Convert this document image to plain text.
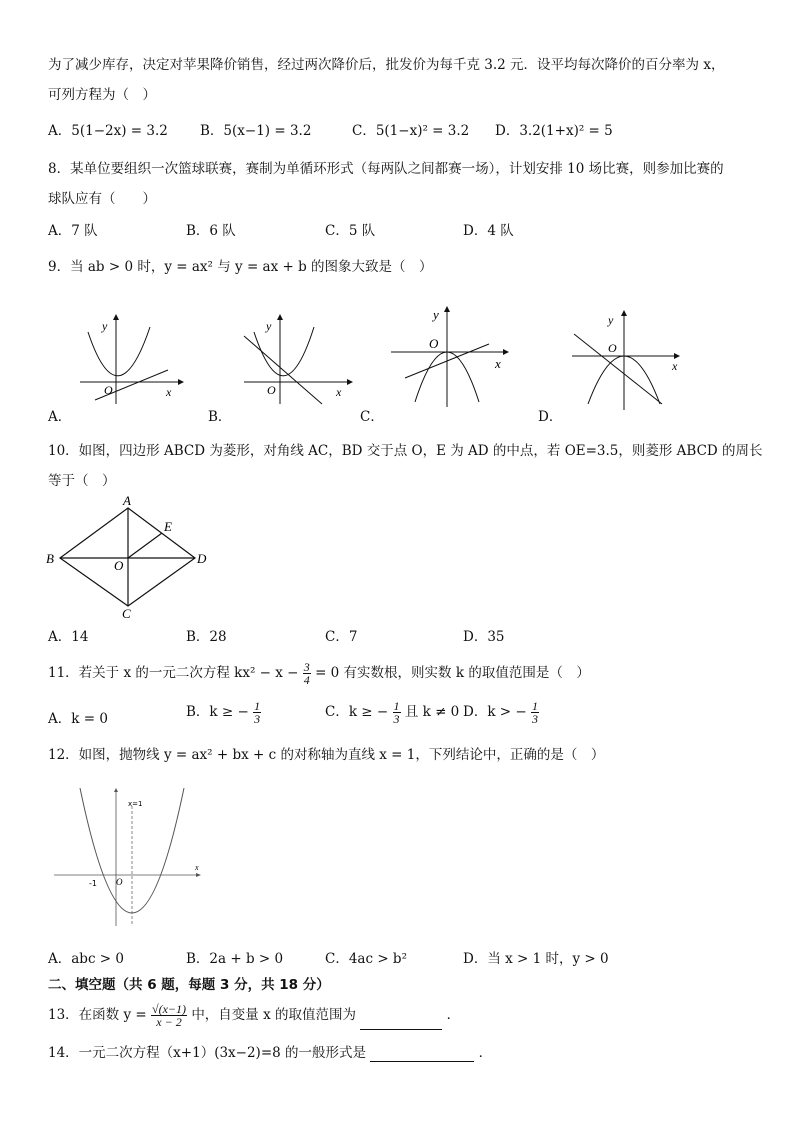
为了减少库存，决定对苹果降价销售，经过两次降价后，批发价为每千克 3.2 元．设平均每次降价的百分率为 x，
可列方程为（　）
A．5(1−2x) = 3.2 B．5(x−1) = 3.2	C．5(1−x)² = 3.2 D．3.2(1+x)² = 5
8．某单位要组织一次篮球联赛，赛制为单循环形式（每两队之间都赛一场），计划安排 10 场比赛，则参加比赛的
球队应有（　　）
A．7 队	B．6 队	C．5 队	D．4 队
9．当 ab > 0 时，y = ax² 与 y = ax + b 的图象大致是（　）
y
x
O
A．
y
x
O
B．
y
x
O
C．
y
x
O
D．
10．如图，四边形 ABCD 为菱形，对角线 AC，BD 交于点 O，E 为 AD 的中点，若 OE=3.5，则菱形 ABCD 的周长
等于（　）
A
B
C
D
E
O
A．14	B．28	C．7	D．35
11．若关于 x 的一元二次方程 $kx^2 - x - \frac{3}{4} = 0$ 有实数根，则实数 k 的取值范围是（　）
A．k = 0	B．k ≥ − $\frac{1}{3}$	C．k ≥ − $\frac{1}{3}$ 且 k ≠ 0 D．k > − $\frac{1}{3}$
12．如图，抛物线 y = ax² + bx + c 的对称轴为直线 x = 1，下列结论中，正确的是（　）
x=1
x
-1 O
A．abc > 0	B．2a + b > 0	C．4ac > b²	D．当 x > 1 时，y > 0
二、填空题（共 6 题，每题 3 分，共 18 分）
13．在函数 $y = \frac{√(x-1)}{x - 2}$ 中，自变量 x 的取值范围为	．
14．一元二次方程（x+1）(3x−2)=8 的一般形式是	．
